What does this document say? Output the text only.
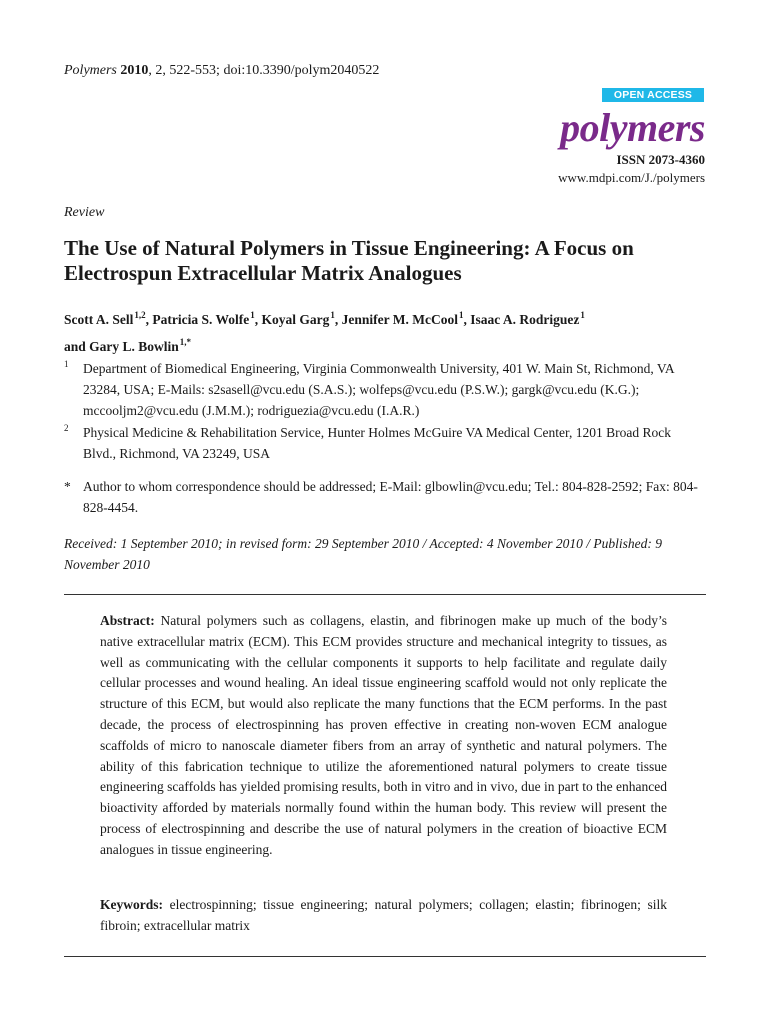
Polymers 2010, 2, 522-553; doi:10.3390/polym2040522
OPEN ACCESS
polymers
ISSN 2073-4360
www.mdpi.com/J./polymers
Review
The Use of Natural Polymers in Tissue Engineering: A Focus on Electrospun Extracellular Matrix Analogues
Scott A. Sell$^{1,2}$, Patricia S. Wolfe$^1$, Koyal Garg$^1$, Jennifer M. McCool$^1$, Isaac A. Rodriguez$^1$
and Gary L. Bowlin$^{1,*}$
1 Department of Biomedical Engineering, Virginia Commonwealth University, 401 W. Main St, Richmond, VA 23284, USA; E-Mails: s2sasell@vcu.edu (S.A.S.); wolfeps@vcu.edu (P.S.W.); gargk@vcu.edu (K.G.); mccooljm2@vcu.edu (J.M.M.); rodriguezia@vcu.edu (I.A.R.)
2 Physical Medicine & Rehabilitation Service, Hunter Holmes McGuire VA Medical Center, 1201 Broad Rock Blvd., Richmond, VA 23249, USA
* Author to whom correspondence should be addressed; E-Mail: glbowlin@vcu.edu; Tel.: 804-828-2592; Fax: 804-828-4454.
Received: 1 September 2010; in revised form: 29 September 2010 / Accepted: 4 November 2010 / Published: 9 November 2010
Abstract: Natural polymers such as collagens, elastin, and fibrinogen make up much of the body’s native extracellular matrix (ECM). This ECM provides structure and mechanical integrity to tissues, as well as communicating with the cellular components it supports to help facilitate and regulate daily cellular processes and wound healing. An ideal tissue engineering scaffold would not only replicate the structure of this ECM, but would also replicate the many functions that the ECM performs. In the past decade, the process of electrospinning has proven effective in creating non-woven ECM analogue scaffolds of micro to nanoscale diameter fibers from an array of synthetic and natural polymers. The ability of this fabrication technique to utilize the aforementioned natural polymers to create tissue engineering scaffolds has yielded promising results, both in vitro and in vivo, due in part to the enhanced bioactivity afforded by materials normally found within the human body. This review will present the process of electrospinning and describe the use of natural polymers in the creation of bioactive ECM analogues in tissue engineering.
Keywords: electrospinning; tissue engineering; natural polymers; collagen; elastin; fibrinogen; silk fibroin; extracellular matrix
